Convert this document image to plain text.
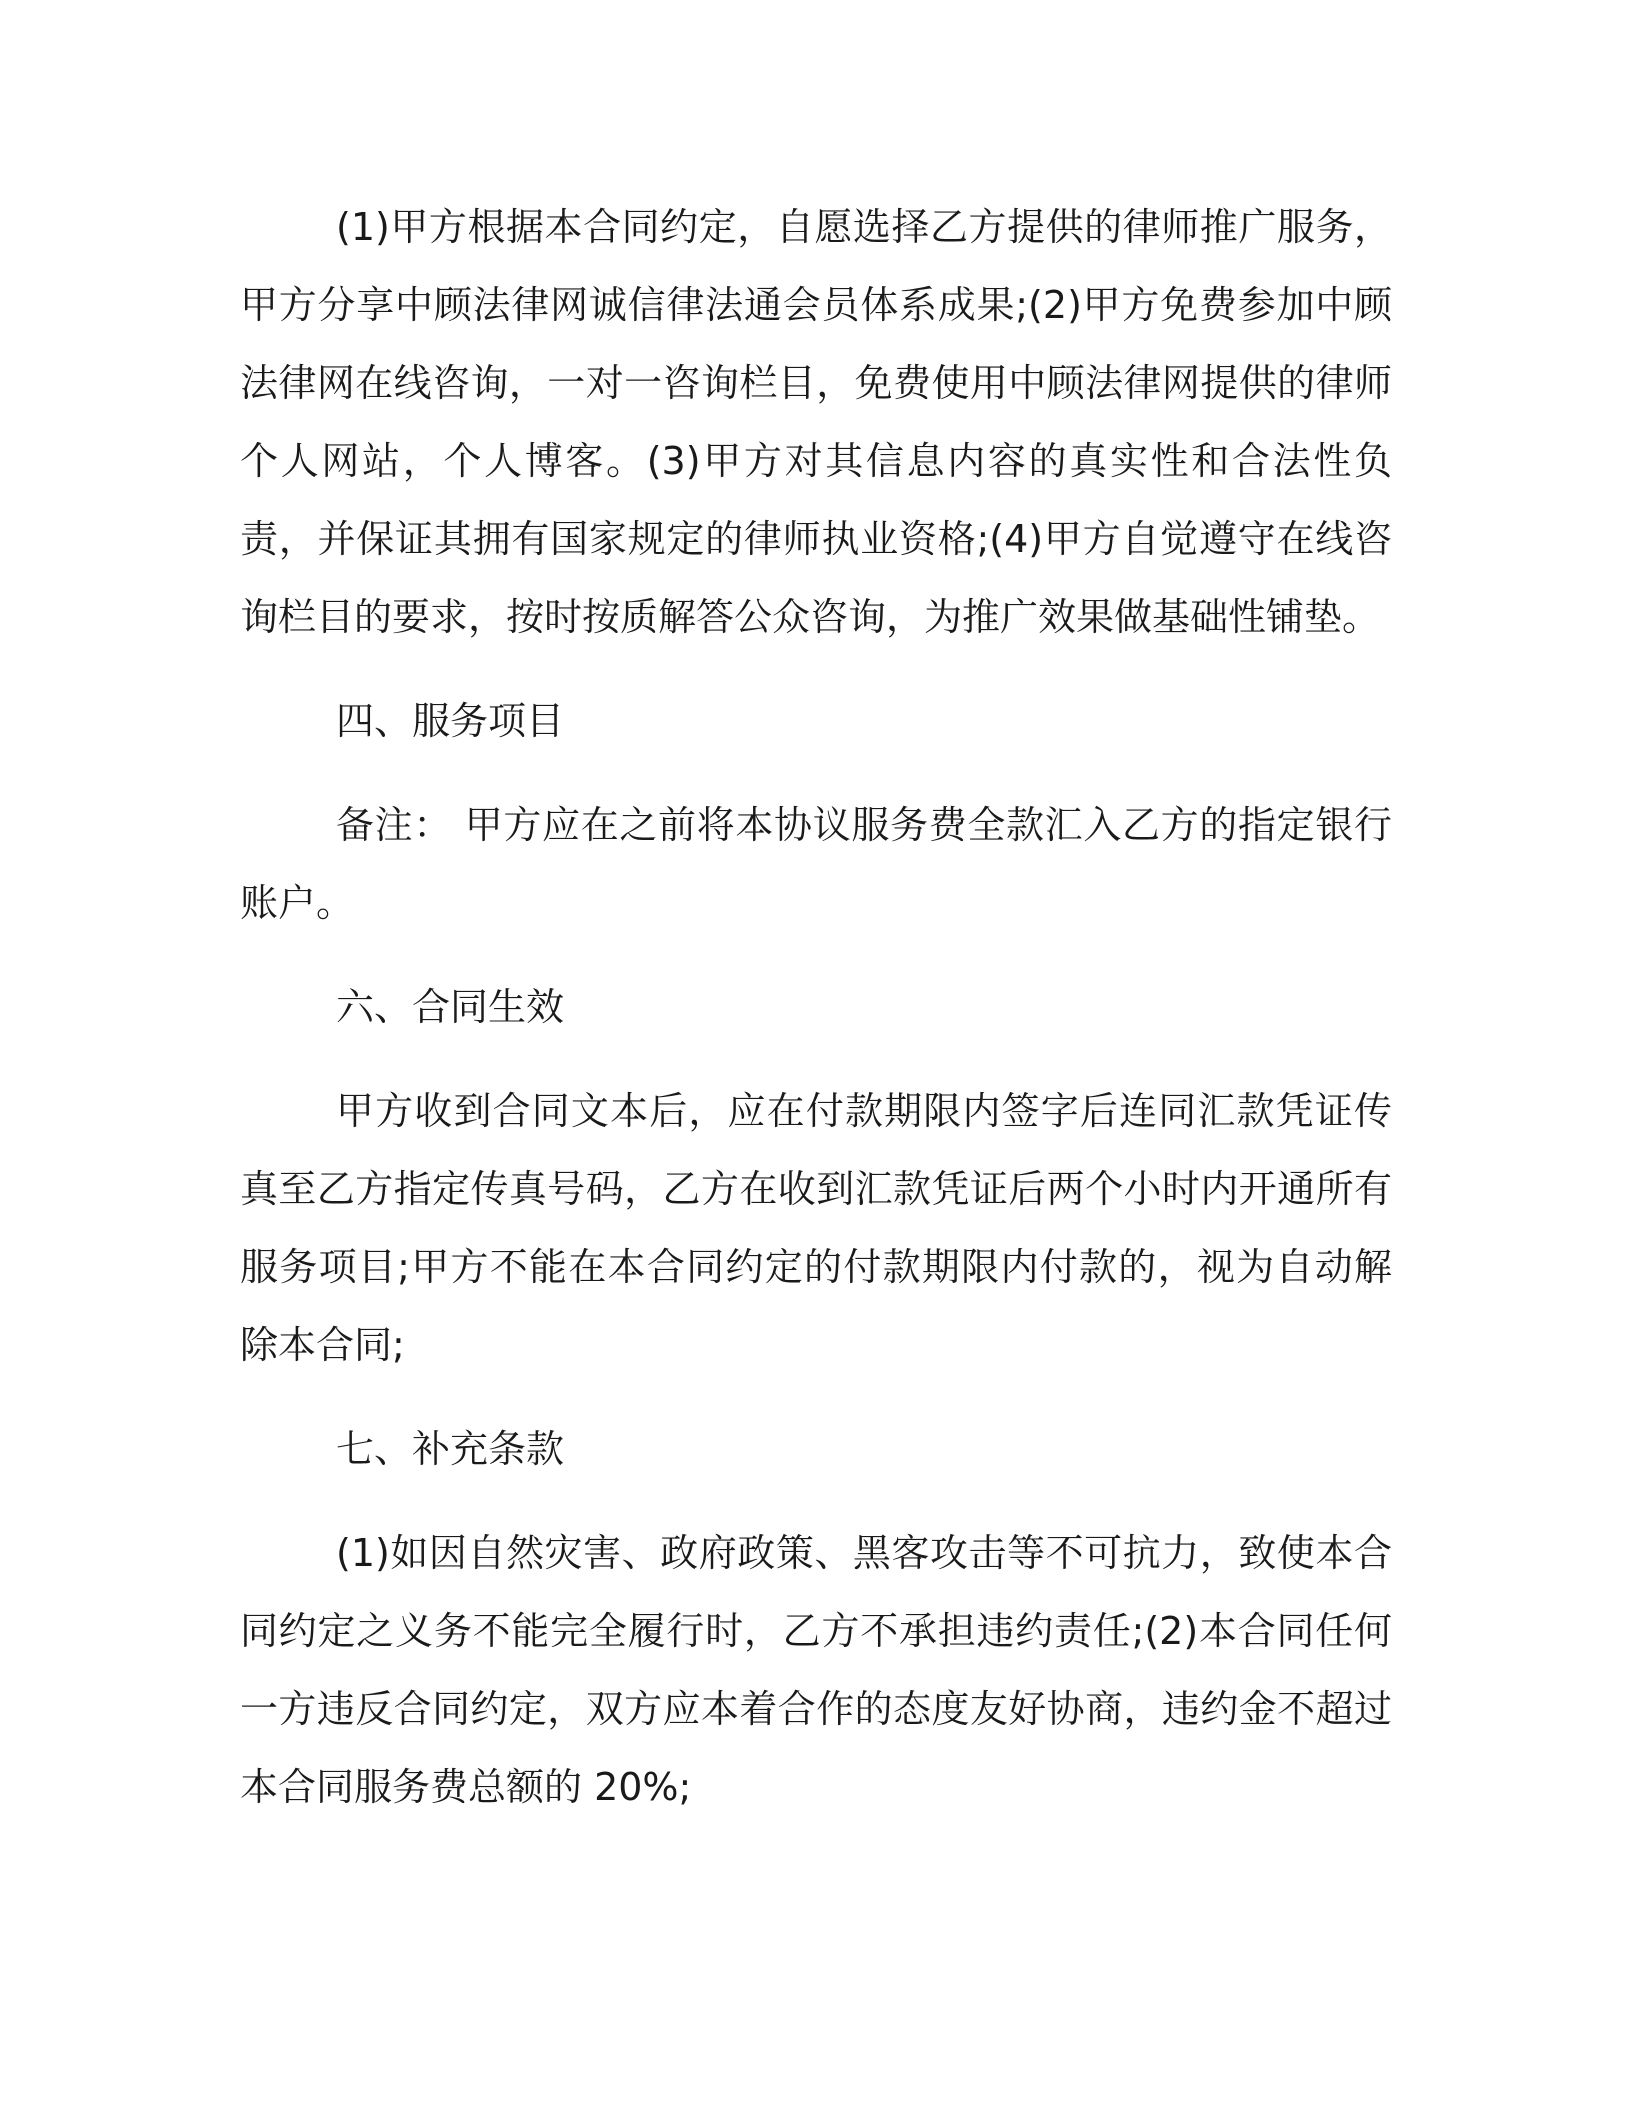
(1)甲方根据本合同约定，自愿选择乙方提供的律师推广服务，甲方分享中顾法律网诚信律法通会员体系成果;(2)甲方免费参加中顾法律网在线咨询，一对一咨询栏目，免费使用中顾法律网提供的律师个人网站，个人博客。(3)甲方对其信息内容的真实性和合法性负责，并保证其拥有国家规定的律师执业资格;(4)甲方自觉遵守在线咨询栏目的要求，按时按质解答公众咨询，为推广效果做基础性铺垫。

四、服务项目

备注： 甲方应在之前将本协议服务费全款汇入乙方的指定银行账户。

六、合同生效

甲方收到合同文本后，应在付款期限内签字后连同汇款凭证传真至乙方指定传真号码，乙方在收到汇款凭证后两个小时内开通所有服务项目;甲方不能在本合同约定的付款期限内付款的，视为自动解除本合同;

七、补充条款

(1)如因自然灾害、政府政策、黑客攻击等不可抗力，致使本合同约定之义务不能完全履行时，乙方不承担违约责任;(2)本合同任何一方违反合同约定，双方应本着合作的态度友好协商，违约金不超过本合同服务费总额的 20%;
